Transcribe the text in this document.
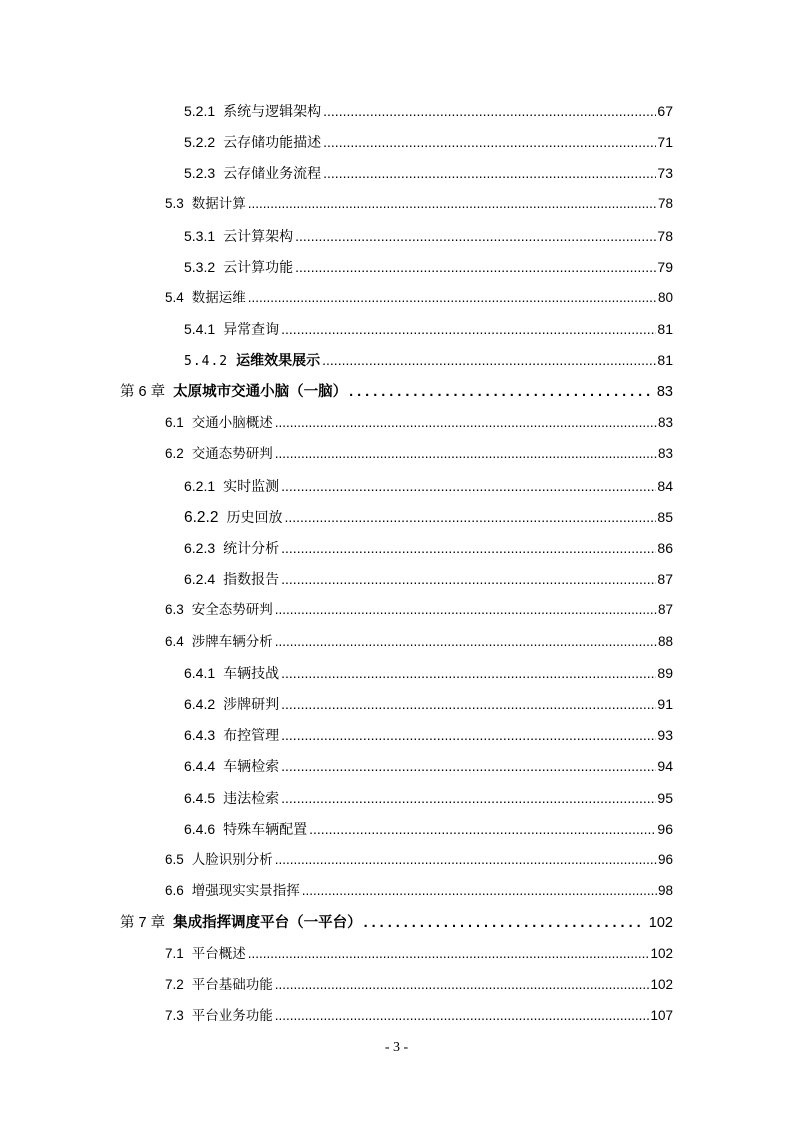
5.2.1 系统与逻辑架构 .....	67
5.2.2 云存储功能描述 .....	71
5.2.3 云存储业务流程 .....	73
5.3 数据计算 .....	78
5.3.1 云计算架构 .....	78
5.3.2 云计算功能 .....	79
5.4 数据运维 .....	80
5.4.1 异常查询 .....	81
5.4.2 运维效果展示 .....	81
第 6 章 太原城市交通小脑（一脑） .....	83
6.1 交通小脑概述 .....	83
6.2 交通态势研判 .....	83
6.2.1 实时监测 .....	84
6.2.2 历史回放 .....	85
6.2.3 统计分析 .....	86
6.2.4 指数报告 .....	87
6.3 安全态势研判 .....	87
6.4 涉牌车辆分析 .....	88
6.4.1 车辆技战 .....	89
6.4.2 涉牌研判 .....	91
6.4.3 布控管理 .....	93
6.4.4 车辆检索 .....	94
6.4.5 违法检索 .....	95
6.4.6 特殊车辆配置 .....	96
6.5 人脸识别分析 .....	96
6.6 增强现实实景指挥 .....	98
第 7 章 集成指挥调度平台（一平台） .....	102
7.1 平台概述 .....	102
7.2 平台基础功能 .....	102
7.3 平台业务功能 .....	107
- 3 -
